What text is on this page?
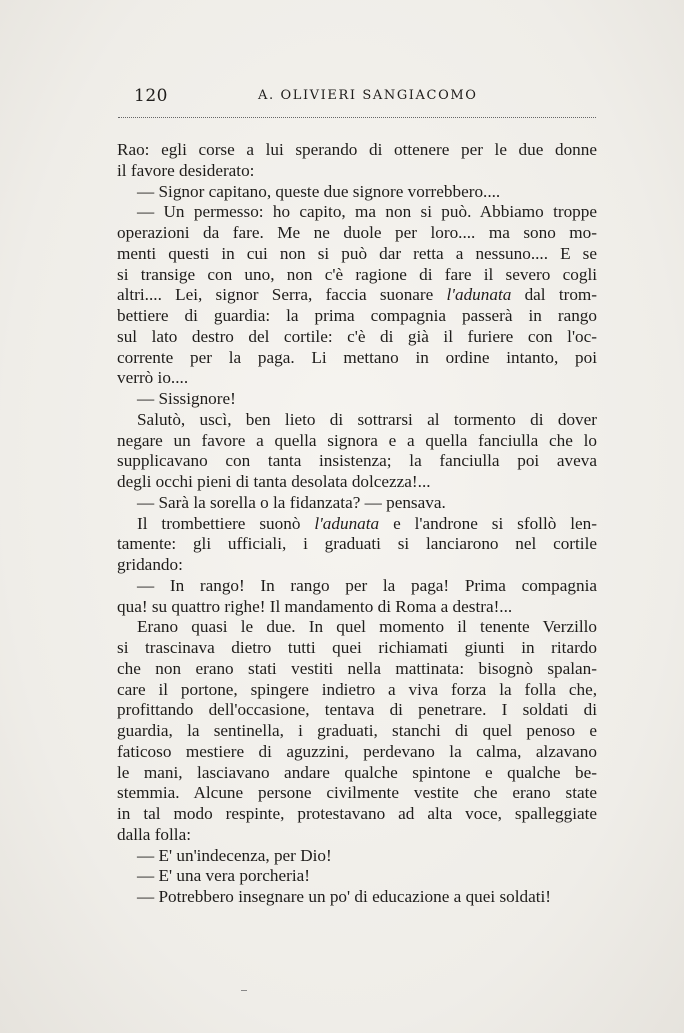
120	A. OLIVIERI SANGIACOMO
Rao: egli corse a lui sperando di ottenere per le due donne
il favore desiderato:
— Signor capitano, queste due signore vorrebbero....
— Un permesso: ho capito, ma non si può. Abbiamo troppe
operazioni da fare. Me ne duole per loro.... ma sono mo-
menti questi in cui non si può dar retta a nessuno.... E se
si transige con uno, non c'è ragione di fare il severo cogli
altri.... Lei, signor Serra, faccia suonare l'adunata dal trom-
bettiere di guardia: la prima compagnia passerà in rango
sul lato destro del cortile: c'è di già il furiere con l'oc-
corrente per la paga. Li mettano in ordine intanto, poi
verrò io....
— Sissignore!
Salutò, uscì, ben lieto di sottrarsi al tormento di dover
negare un favore a quella signora e a quella fanciulla che lo
supplicavano con tanta insistenza; la fanciulla poi aveva
degli occhi pieni di tanta desolata dolcezza!...
— Sarà la sorella o la fidanzata? — pensava.
Il trombettiere suonò l'adunata e l'androne si sfollò len-
tamente: gli ufficiali, i graduati si lanciarono nel cortile
gridando:
— In rango! In rango per la paga! Prima compagnia
qua! su quattro righe! Il mandamento di Roma a destra!...
Erano quasi le due. In quel momento il tenente Verzillo
si trascinava dietro tutti quei richiamati giunti in ritardo
che non erano stati vestiti nella mattinata: bisognò spalan-
care il portone, spingere indietro a viva forza la folla che,
profittando dell'occasione, tentava di penetrare. I soldati di
guardia, la sentinella, i graduati, stanchi di quel penoso e
faticoso mestiere di aguzzini, perdevano la calma, alzavano
le mani, lasciavano andare qualche spintone e qualche be-
stemmia. Alcune persone civilmente vestite che erano state
in tal modo respinte, protestavano ad alta voce, spalleggiate
dalla folla:
— E' un'indecenza, per Dio!
— E' una vera porcheria!
— Potrebbero insegnare un po' di educazione a quei soldati!
